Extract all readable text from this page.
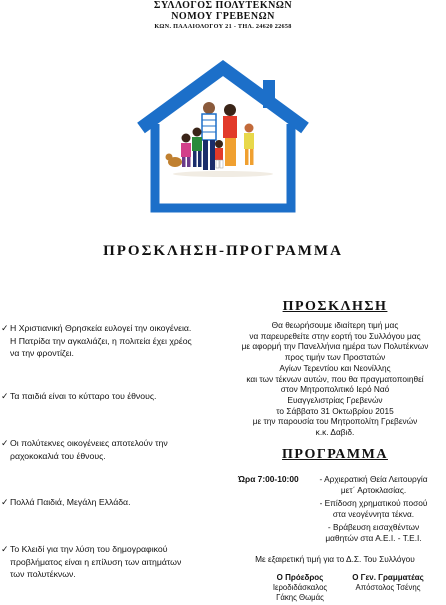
ΣΥΛΛΟΓΟΣ ΠΟΛΥΤΕΚΝΩΝ
ΝΟΜΟΥ ΓΡΕΒΕΝΩΝ
ΚΩΝ. ΠΑΛΑΙΟΛΟΓΟΥ 21 - ΤΗΛ. 24620 22658
ΠΡΟΣΚΛΗΣΗ-ΠΡΟΓΡΑΜΜΑ
✓ Η Χριστιανική Θρησκεία ευλογεί την οικογένεια.
Η Πατρίδα την αγκαλιάζει, η πολιτεία έχει χρέος
να την φροντίζει.
✓ Τα παιδιά είναι το κύτταρο του έθνους.
✓ Οι πολύτεκνες οικογένειες αποτελούν την
ραχοκοκαλιά του έθνους.
✓ Πολλά Παιδιά, Μεγάλη Ελλάδα.
✓ Το Κλειδί για την λύση του δημογραφικού
προβλήματος είναι η επίλυση των αιτημάτων
των πολυτέκνων.
ΠΡΟΣΚΛΗΣΗ
Θα θεωρήσουμε ιδιαίτερη τιμή μας
να παρευρεθείτε στην εορτή του Συλλόγου μας
με αφορμή την Πανελλήνια ημέρα των Πολυτέκνων
προς τιμήν των Προστατών
Αγίων Τερεντίου και Νεονίλλης
και των τέκνων αυτών, που θα πραγματοποιηθεί
στον Μητροπολιτικό Ιερό Ναό
Ευαγγελιστρίας Γρεβενών
το Σάββατο 31 Οκτωβρίου 2015
με την παρουσία του Μητροπολίτη Γρεβενών
κ.κ. Δαβιδ.
ΠΡΟΓΡΑΜΜΑ
Ώρα 7:00-10:00	- Αρχιερατική Θεία Λειτουργία
μετ΄ Αρτοκλασίας.
- Επίδοση χρηματικού ποσού
στα νεογέννητα τέκνα.
- Βράβευση εισαχθέντων
μαθητών στα Α.Ε.Ι. - Τ.Ε.Ι.
Με εξαιρετική τιμή για το Δ.Σ. Του Συλλόγου
Ο Πρόεδρος
Ιεροδιδάσκαλος
Γάκης Θωμάς
Ο Γεν. Γραμματέας
Απόστολος Τσένης
